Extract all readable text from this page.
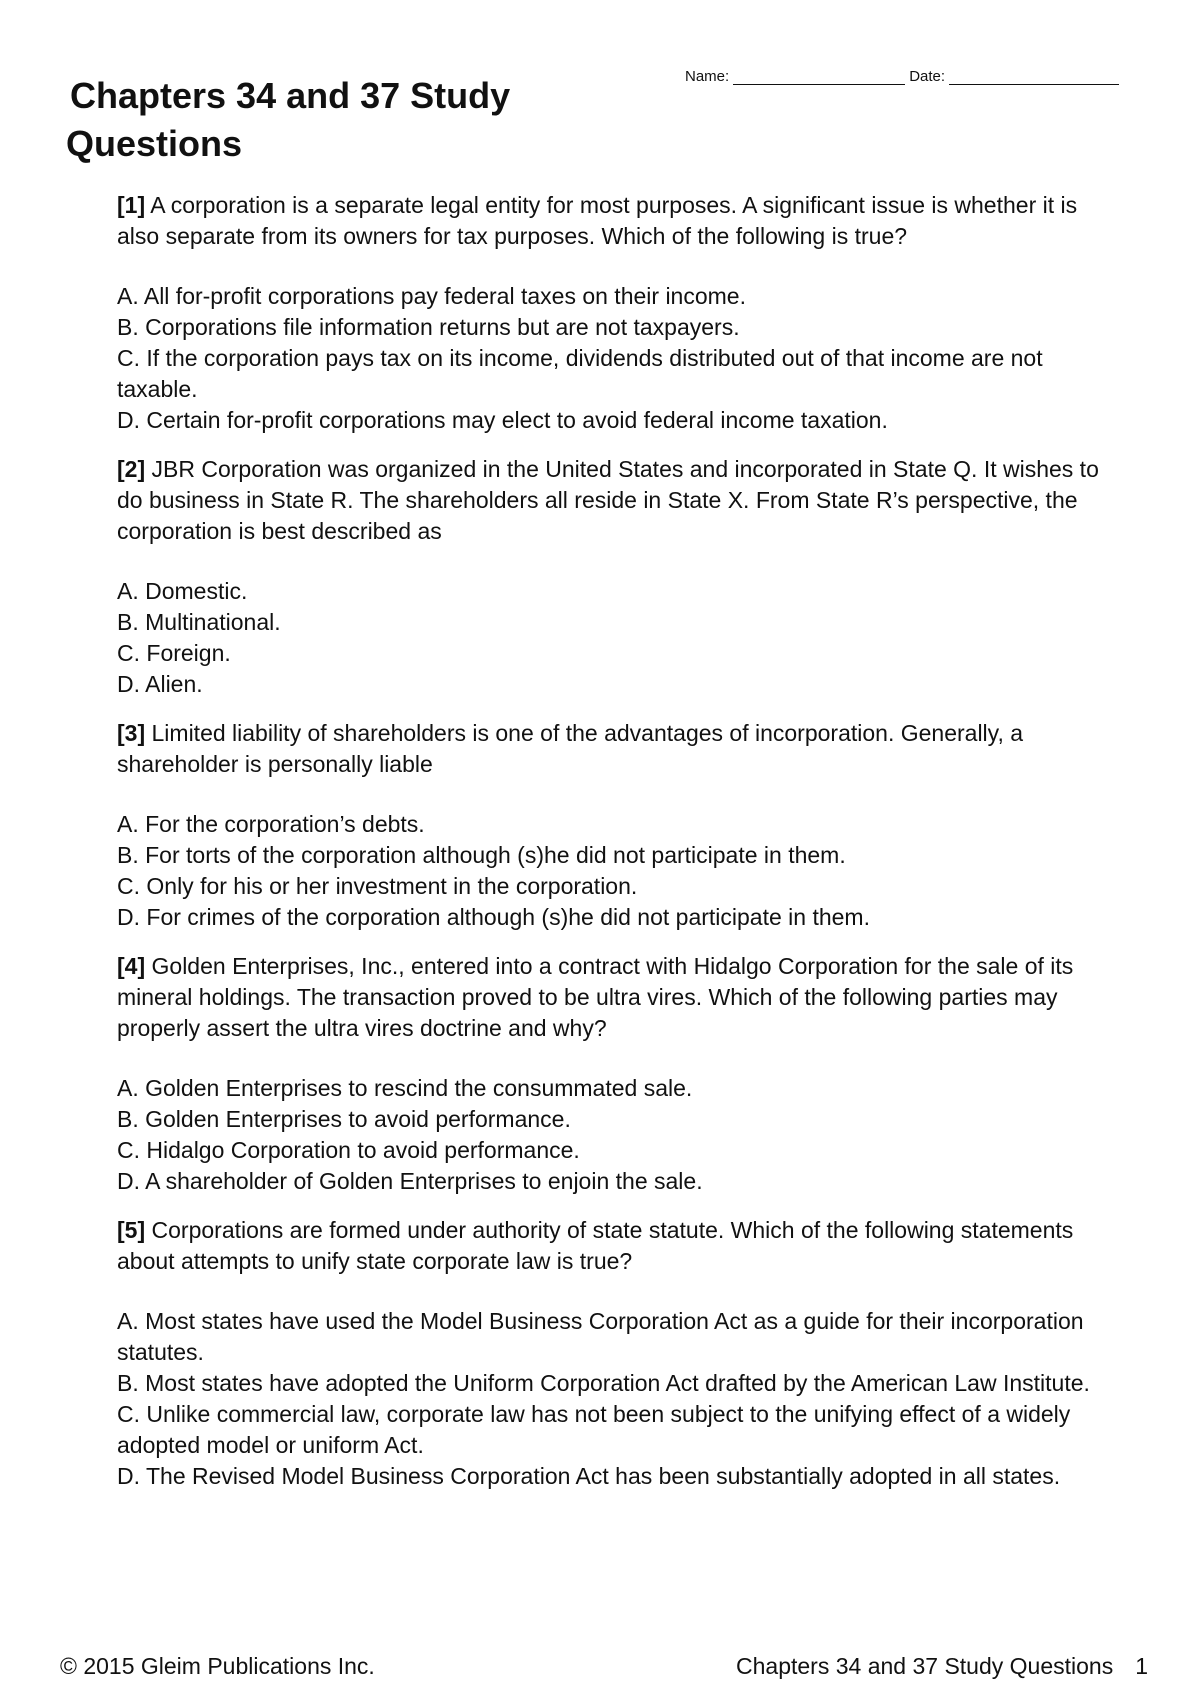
Chapters 34 and 37 Study
Questions
Name:	Date:

[1] A corporation is a separate legal entity for most purposes. A significant issue is whether it is also separate from its owners for tax purposes. Which of the following is true?

A. All for-profit corporations pay federal taxes on their income.
B. Corporations file information returns but are not taxpayers.
C. If the corporation pays tax on its income, dividends distributed out of that income are not taxable.
D. Certain for-profit corporations may elect to avoid federal income taxation.

[2] JBR Corporation was organized in the United States and incorporated in State Q. It wishes to do business in State R. The shareholders all reside in State X. From State R’s perspective, the corporation is best described as

A. Domestic.
B. Multinational.
C. Foreign.
D. Alien.

[3] Limited liability of shareholders is one of the advantages of incorporation. Generally, a shareholder is personally liable

A. For the corporation’s debts.
B. For torts of the corporation although (s)he did not participate in them.
C. Only for his or her investment in the corporation.
D. For crimes of the corporation although (s)he did not participate in them.

[4] Golden Enterprises, Inc., entered into a contract with Hidalgo Corporation for the sale of its mineral holdings. The transaction proved to be ultra vires. Which of the following parties may properly assert the ultra vires doctrine and why?

A. Golden Enterprises to rescind the consummated sale.
B. Golden Enterprises to avoid performance.
C. Hidalgo Corporation to avoid performance.
D. A shareholder of Golden Enterprises to enjoin the sale.

[5] Corporations are formed under authority of state statute. Which of the following statements about attempts to unify state corporate law is true?

A. Most states have used the Model Business Corporation Act as a guide for their incorporation statutes.
B. Most states have adopted the Uniform Corporation Act drafted by the American Law Institute.
C. Unlike commercial law, corporate law has not been subject to the unifying effect of a widely adopted model or uniform Act.
D. The Revised Model Business Corporation Act has been substantially adopted in all states.
© 2015 Gleim Publications Inc.	Chapters 34 and 37 Study Questions 1
